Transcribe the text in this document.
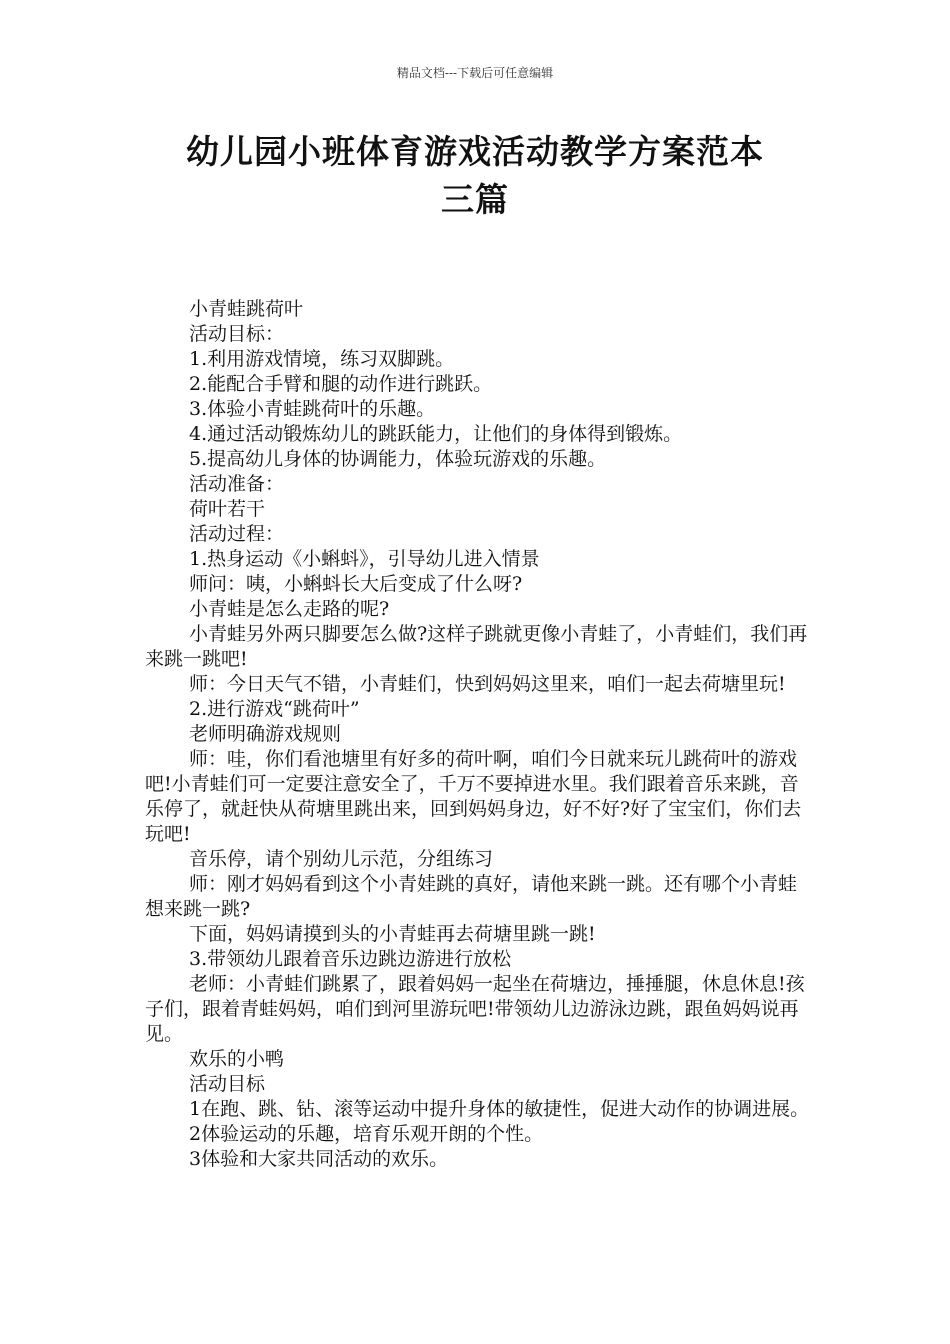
精品文档---下载后可任意编辑
幼儿园小班体育游戏活动教学方案范本
三篇

小青蛙跳荷叶

活动目标：

1.利用游戏情境，练习双脚跳。

2.能配合手臂和腿的动作进行跳跃。

3.体验小青蛙跳荷叶的乐趣。

4.通过活动锻炼幼儿的跳跃能力，让他们的身体得到锻炼。

5.提高幼儿身体的协调能力，体验玩游戏的乐趣。

活动准备：

荷叶若干

活动过程：

1.热身运动《小蝌蚪》，引导幼儿进入情景

师问：咦，小蝌蚪长大后变成了什么呀?

小青蛙是怎么走路的呢?

小青蛙另外两只脚要怎么做?这样子跳就更像小青蛙了，小青蛙们，我们再来跳一跳吧!

师：今日天气不错，小青蛙们，快到妈妈这里来，咱们一起去荷塘里玩!

2.进行游戏“跳荷叶”

老师明确游戏规则

师：哇，你们看池塘里有好多的荷叶啊，咱们今日就来玩儿跳荷叶的游戏吧!小青蛙们可一定要注意安全了，千万不要掉进水里。我们跟着音乐来跳，音乐停了，就赶快从荷塘里跳出来，回到妈妈身边，好不好?好了宝宝们，你们去玩吧!

音乐停，请个别幼儿示范，分组练习

师：刚才妈妈看到这个小青娃跳的真好，请他来跳一跳。还有哪个小青蛙想来跳一跳?

下面，妈妈请摸到头的小青蛙再去荷塘里跳一跳!

3.带领幼儿跟着音乐边跳边游进行放松

老师：小青蛙们跳累了，跟着妈妈一起坐在荷塘边，捶捶腿，休息休息!孩子们，跟着青蛙妈妈，咱们到河里游玩吧!带领幼儿边游泳边跳，跟鱼妈妈说再见。

欢乐的小鸭

活动目标

1在跑、跳、钻、滚等运动中提升身体的敏捷性，促进大动作的协调进展。

2体验运动的乐趣，培育乐观开朗的个性。

3体验和大家共同活动的欢乐。
